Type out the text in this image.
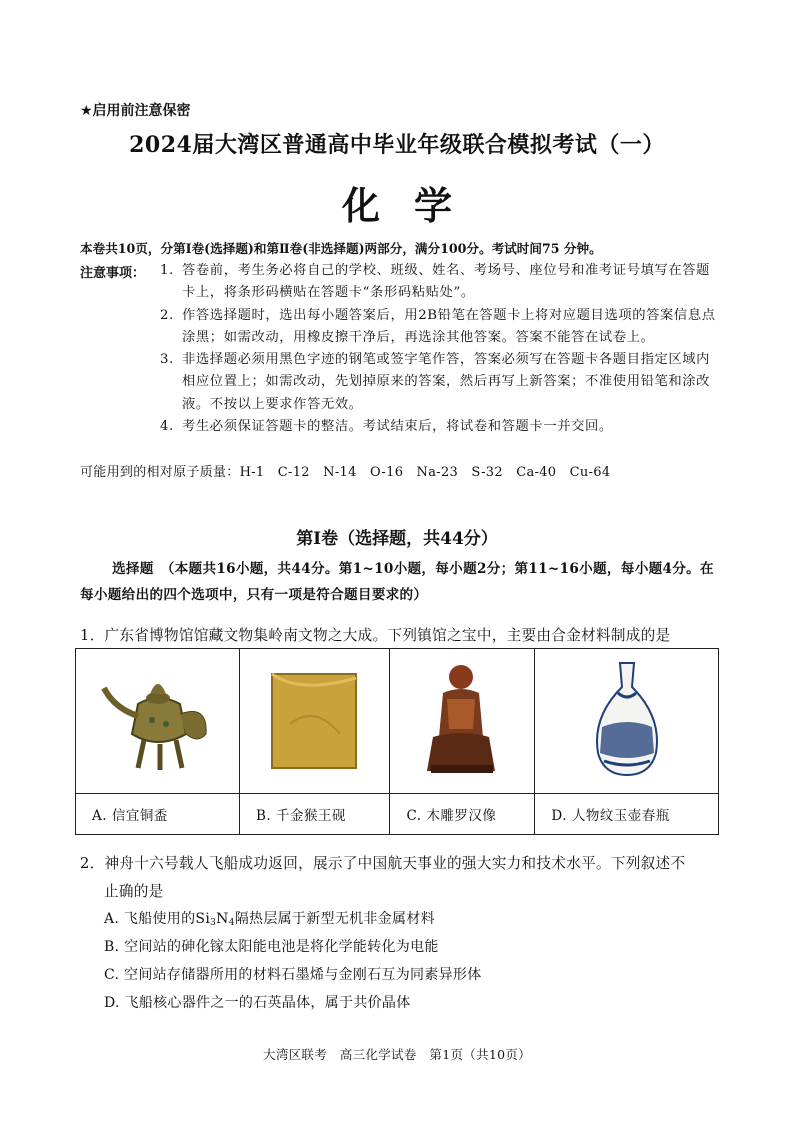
★启用前注意保密
2024届大湾区普通高中毕业年级联合模拟考试（一）
化学
本卷共10页，分第Ⅰ卷(选择题)和第Ⅱ卷(非选择题)两部分，满分100分。考试时间75 分钟。
注意事项： 1. 答卷前，考生务必将自己的学校、班级、姓名、考场号、座位号和准考证号填写在答题卡上，将条形码横贴在答题卡“条形码粘贴处”。
2. 作答选择题时，选出每小题答案后，用2B铅笔在答题卡上将对应题目选项的答案信息点涂黑；如需改动，用橡皮擦干净后，再选涂其他答案。答案不能答在试卷上。
3. 非选择题必须用黑色字迹的钢笔或签字笔作答，答案必须写在答题卡各题目指定区域内相应位置上；如需改动，先划掉原来的答案，然后再写上新答案；不准使用铅笔和涂改液。不按以上要求作答无效。
4. 考生必须保证答题卡的整洁。考试结束后，将试卷和答题卡一并交回。
可能用到的相对原子质量：H-1　C-12　N-14　O-16　Na-23　S-32　Ca-40　Cu-64
第Ⅰ卷（选择题，共44分）
选择题　（本题共16小题，共44分。第1~10小题，每小题2分；第11~16小题，每小题4分。在每小题给出的四个选项中，只有一项是符合题目要求的）
1．广东省博物馆馆藏文物集岭南文物之大成。下列镇馆之宝中，主要由合金材料制成的是

A. 信宜铜盉	B. 千金猴王砚	C. 木雕罗汉像	D. 人物纹玉壶春瓶
2．神舟十六号载人飞船成功返回，展示了中国航天事业的强大实力和技术水平。下列叙述不
止确的是
A. 飞船使用的$Si_3N_4$隔热层属于新型无机非金属材料
B. 空间站的砷化镓太阳能电池是将化学能转化为电能
C. 空间站存储器所用的材料石墨烯与金刚石互为同素异形体
D. 飞船核心器件之一的石英晶体，属于共价晶体
大湾区联考　高三化学试卷　第1页（共10页）
